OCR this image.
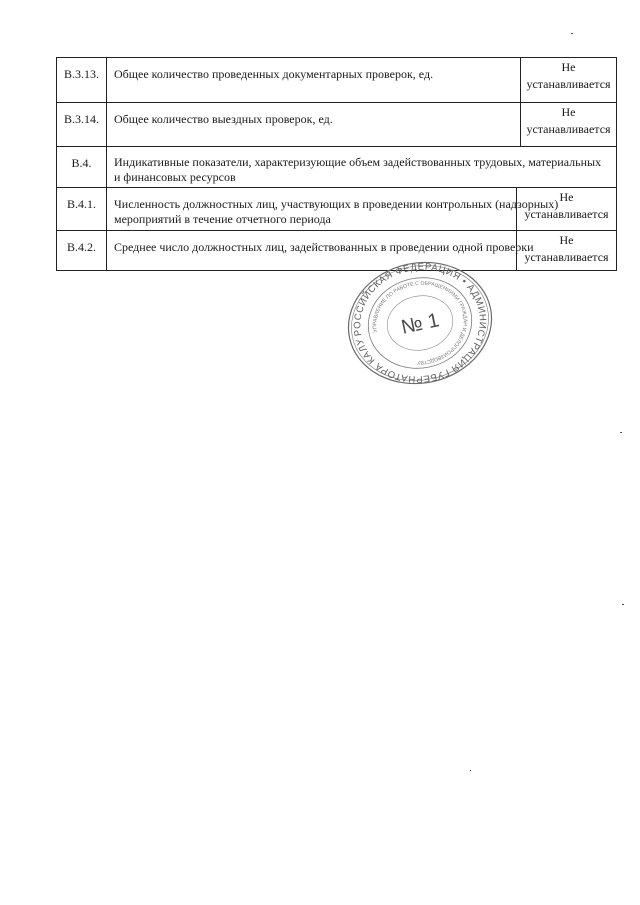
В.3.13.	Общее количество проведенных документарных проверок, ед.	Не
устанавливается
В.3.14.	Общее количество выездных проверок, ед.	Не
устанавливается
В.4.	Индикативные показатели, характеризующие объем задействованных трудовых, материальных и финансовых ресурсов
В.4.1.	Численность должностных лиц, участвующих в проведении контрольных (надзорных) мероприятий в течение отчетного периода
Не
устанавливается
В.4.2.	Среднее число должностных лиц, задействованных в проведении одной проверки	Не
устанавливается
РОССИЙСКАЯ ФЕДЕРАЦИЯ • АДМИНИСТРАЦИЯ ГУБЕРНАТОРА КАЛУЖСКОЙ
УПРАВЛЕНИЕ ПО РАБОТЕ С ОБРАЩЕНИЯМИ ГРАЖДАН И ДЕЛОПРОИЗВОДСТВУ
№ 1
